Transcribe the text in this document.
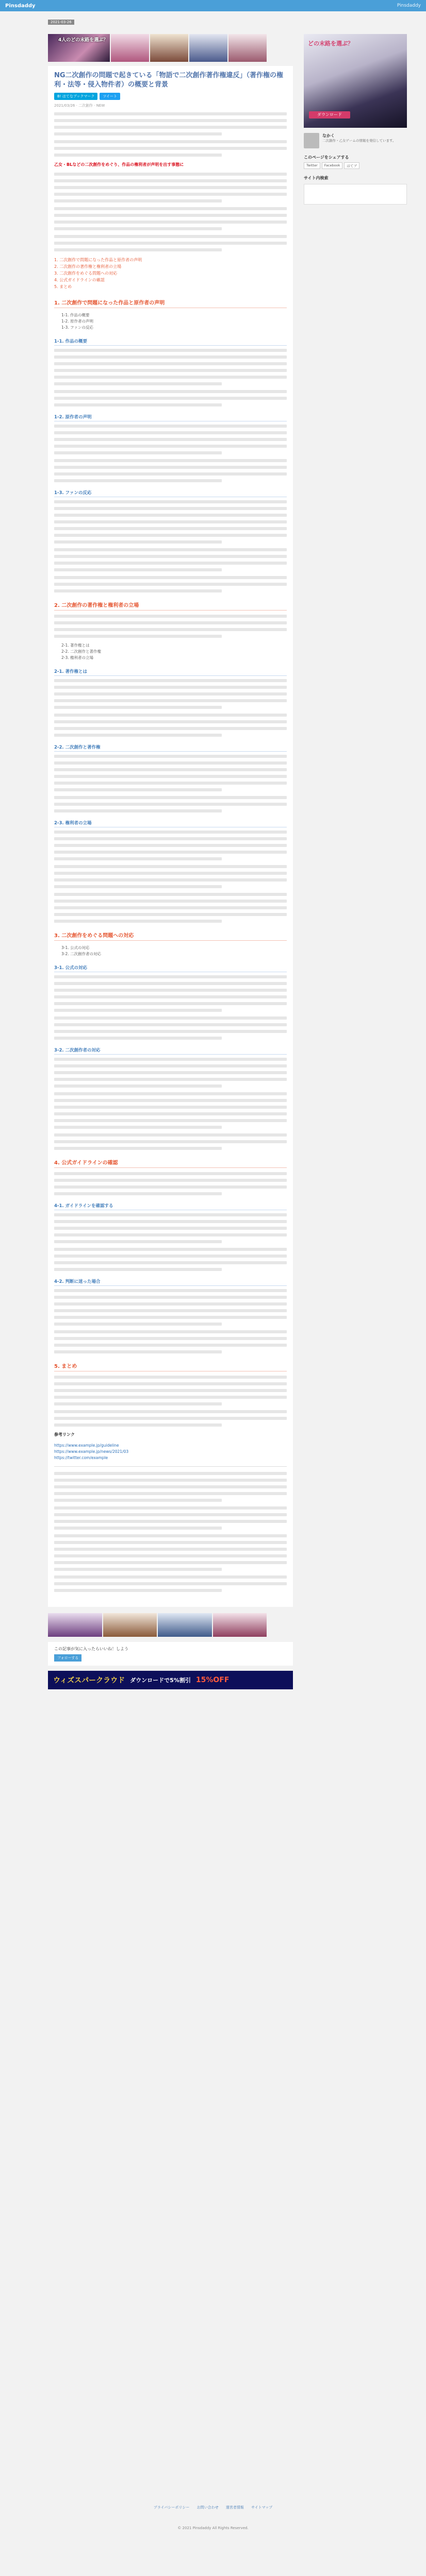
Pinsdaddy	Pinsdaddy
2021-03-26
4人のどの末路を選ぶ？
NG二次創作の問題で起きている「物語で二次創作著作権違反」（著作権の権利・法等・侵入物件者）の概要と背景
B! はてなブックマーク	ツイート
2021/03/26 · 二次創作 · NEW
乙女・BLなどの二次創作をめぐり、作品の権利者が声明を出す事態に
1. 二次創作で問題になった作品と原作者の声明
2. 二次創作の著作権と権利者の立場
3. 二次創作をめぐる問題への対応
4. 公式ガイドラインの確認
5. まとめ
1. 二次創作で問題になった作品と原作者の声明
1-1. 作品の概要
1-2. 原作者の声明
1-3. ファンの反応
1-1. 作品の概要
1-2. 原作者の声明
1-3. ファンの反応
2. 二次創作の著作権と権利者の立場
2-1. 著作権とは
2-2. 二次創作と著作権
2-3. 権利者の立場
2-1. 著作権とは
2-2. 二次創作と著作権
2-3. 権利者の立場
3. 二次創作をめぐる問題への対応
3-1. 公式の対応
3-2. 二次創作者の対応
3-1. 公式の対応
3-2. 二次創作者の対応
4. 公式ガイドラインの確認
4-1. ガイドラインを確認する
4-2. 判断に迷った場合
5. まとめ
参考リンク
https://www.example.jp/guideline
https://www.example.jp/news/2021/03
https://twitter.com/example
この記事が気に入ったらいいね！しよう
フォローする
ウィズスパークラウド ダウンロードで5%割引 15%OFF
どの末路を選ぶ？
ダウンロード
なかく
二次創作・乙女ゲームの情報を発信しています。
このページをシェアする
Twitter	Facebook	はてブ
サイト内検索
プライバシーポリシー お問い合わせ 運営者情報 サイトマップ
© 2021 Pinsdaddy All Rights Reserved.
